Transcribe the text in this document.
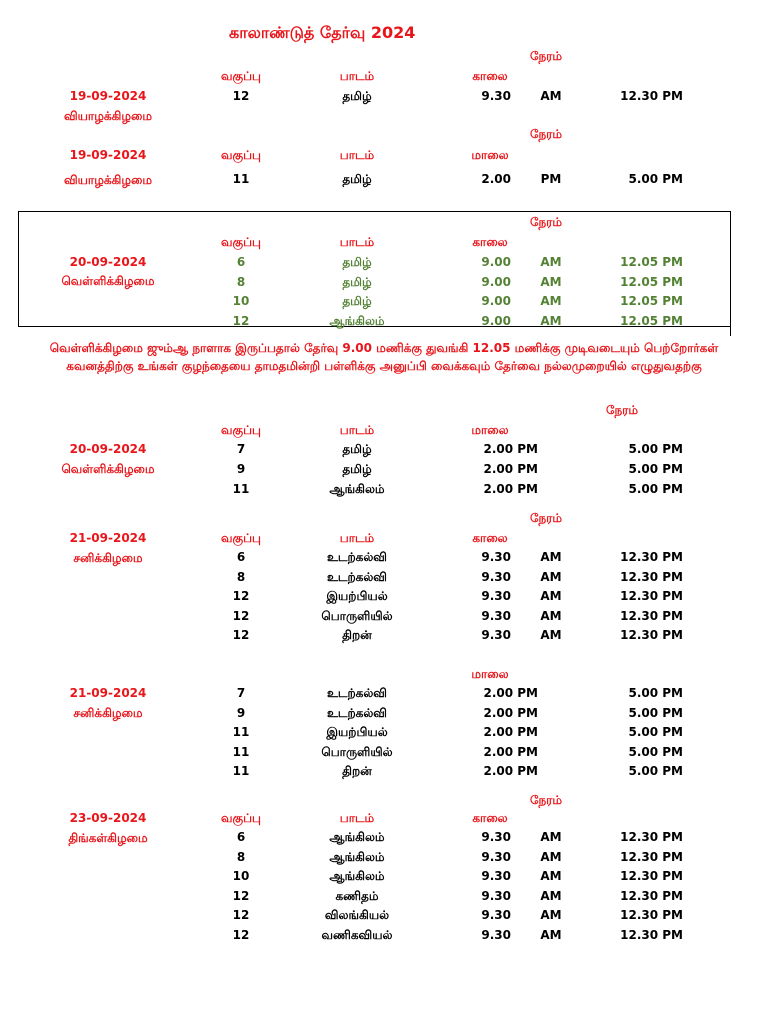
காலாண்டுத் தேர்வு 2024
வெள்ளிக்கிழமை ஜும்ஆ நாளாக இருப்பதால் தேர்வு 9.00 மணிக்கு துவங்கி 12.05 மணிக்கு முடிவடையும் பெற்றோர்கள் கவனத்திற்கு உங்கள் குழந்தையை தாமதமின்றி பள்ளிக்கு அனுப்பி வைக்கவும் தேர்வை நல்லமுறையில் எழுதுவதற்கு
நேரம்
வகுப்பு	பாடம்	காலை
19-09-2024
வியாழக்கிழமை
12	தமிழ்	9.30 AM	12.30 PM
நேரம்
வகுப்பு	பாடம்	மாலை
19-09-2024
வியாழக்கிழமை	11	தமிழ்	2.00 PM	5.00 PM
நேரம்
வகுப்பு	பாடம்	காலை
20-09-2024
வெள்ளிக்கிழமை
6	தமிழ்	9.00 AM	12.05 PM
8	தமிழ்	9.00 AM	12.05 PM
10	தமிழ்	9.00 AM	12.05 PM
12	ஆங்கிலம்	9.00 AM	12.05 PM
நேரம்
வகுப்பு	பாடம்	மாலை
20-09-2024
வெள்ளிக்கிழமை
7	தமிழ்	2.00 PM	5.00 PM
9	தமிழ்	2.00 PM	5.00 PM
11	ஆங்கிலம்	2.00 PM	5.00 PM
நேரம்
வகுப்பு	பாடம்	காலை
21-09-2024
சனிக்கிழமை	6	உடற்கல்வி	9.30 AM	12.30 PM
8	உடற்கல்வி	9.30 AM	12.30 PM
12	இயற்பியல்	9.30 AM	12.30 PM
12	பொருளியில்	9.30 AM	12.30 PM
12	திறன்	9.30 AM	12.30 PM
மாலை
21-09-2024
சனிக்கிழமை
7	உடற்கல்வி	2.00 PM	5.00 PM
9	உடற்கல்வி	2.00 PM	5.00 PM
11	இயற்பியல்	2.00 PM	5.00 PM
11	பொருளியில்	2.00 PM	5.00 PM
11	திறன்	2.00 PM	5.00 PM
நேரம்
வகுப்பு	பாடம்	காலை
23-09-2024
திங்கள்கிழமை	6	ஆங்கிலம்	9.30 AM	12.30 PM
8	ஆங்கிலம்	9.30 AM	12.30 PM
10	ஆங்கிலம்	9.30 AM	12.30 PM
12	கணிதம்	9.30 AM	12.30 PM
12	விலங்கியல்	9.30 AM	12.30 PM
12	வணிகவியல்	9.30 AM	12.30 PM
